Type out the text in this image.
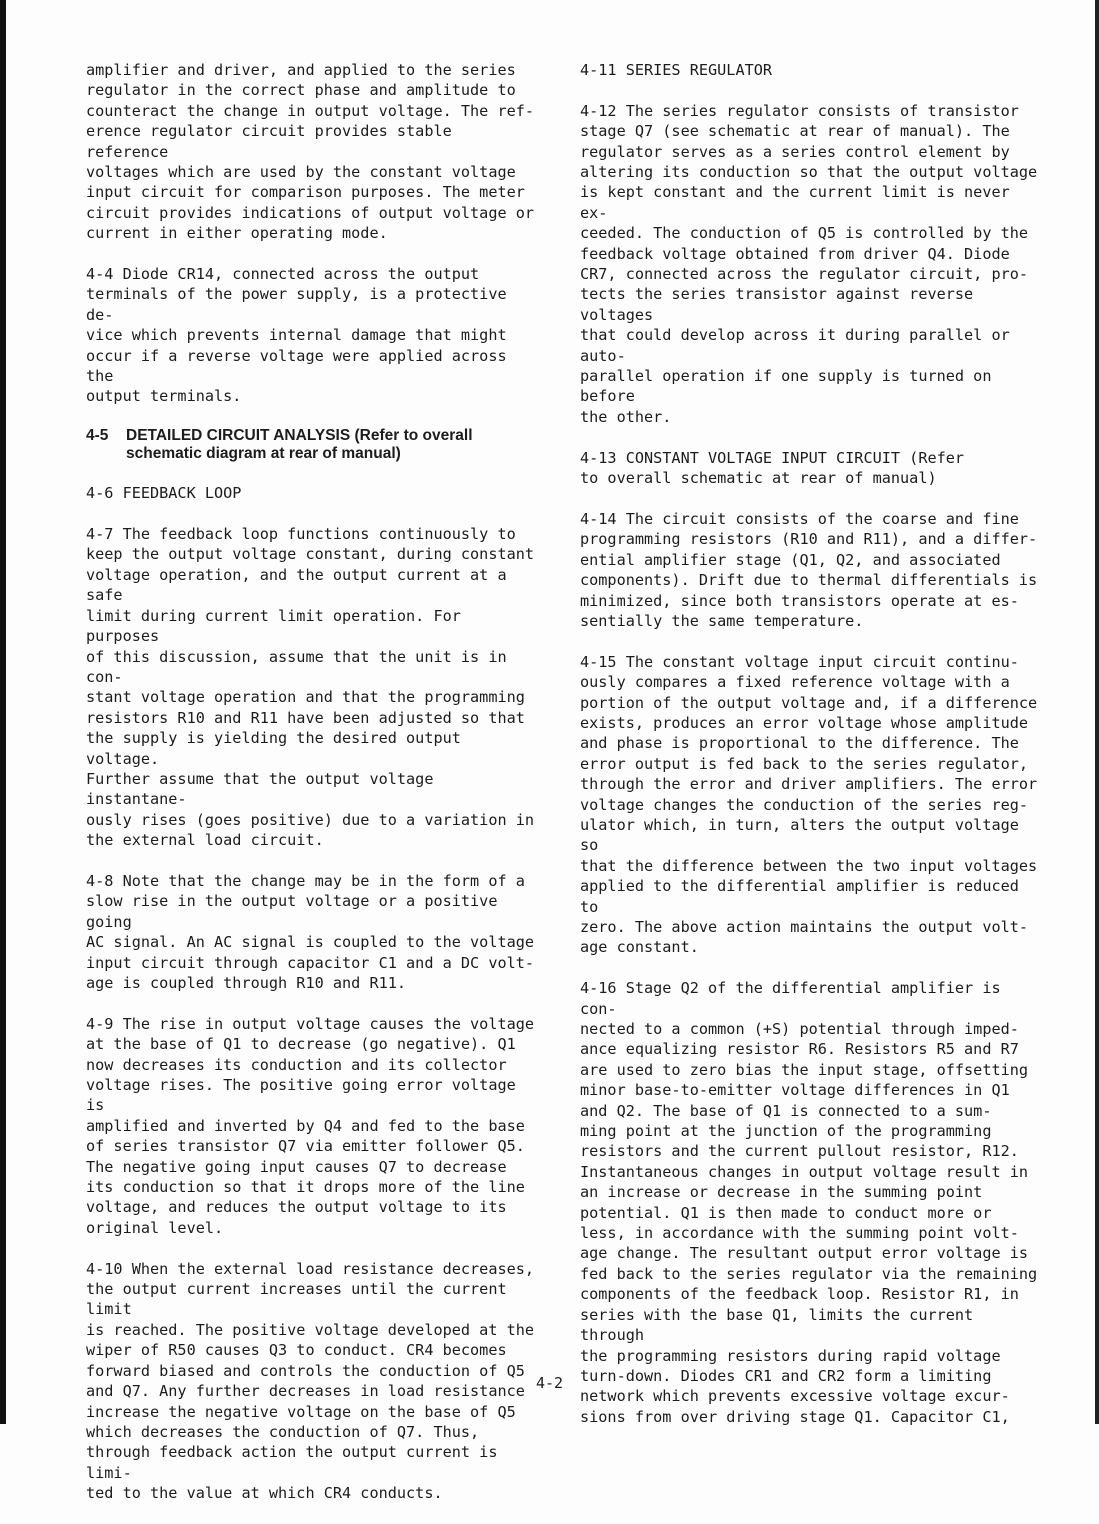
amplifier and driver, and applied to the series
regulator in the correct phase and amplitude to
counteract the change in output voltage. The ref-
erence regulator circuit provides stable reference
voltages which are used by the constant voltage
input circuit for comparison purposes. The meter
circuit provides indications of output voltage or
current in either operating mode.

4-4 Diode CR14, connected across the output
terminals of the power supply, is a protective de-
vice which prevents internal damage that might
occur if a reverse voltage were applied across the
output terminals.

4-5	DETAILED CIRCUIT ANALYSIS (Refer to overall
schematic diagram at rear of manual)

4-6 FEEDBACK LOOP

4-7 The feedback loop functions continuously to
keep the output voltage constant, during constant
voltage operation, and the output current at a safe
limit during current limit operation. For purposes
of this discussion, assume that the unit is in con-
stant voltage operation and that the programming
resistors R10 and R11 have been adjusted so that
the supply is yielding the desired output voltage.
Further assume that the output voltage instantane-
ously rises (goes positive) due to a variation in
the external load circuit.

4-8 Note that the change may be in the form of a
slow rise in the output voltage or a positive going
AC signal. An AC signal is coupled to the voltage
input circuit through capacitor C1 and a DC volt-
age is coupled through R10 and R11.

4-9 The rise in output voltage causes the voltage
at the base of Q1 to decrease (go negative). Q1
now decreases its conduction and its collector
voltage rises. The positive going error voltage is
amplified and inverted by Q4 and fed to the base
of series transistor Q7 via emitter follower Q5.
The negative going input causes Q7 to decrease
its conduction so that it drops more of the line
voltage, and reduces the output voltage to its
original level.

4-10 When the external load resistance decreases,
the output current increases until the current limit
is reached. The positive voltage developed at the
wiper of R50 causes Q3 to conduct. CR4 becomes
forward biased and controls the conduction of Q5
and Q7. Any further decreases in load resistance
increase the negative voltage on the base of Q5
which decreases the conduction of Q7. Thus,
through feedback action the output current is limi-
ted to the value at which CR4 conducts.

4-11 SERIES REGULATOR

4-12 The series regulator consists of transistor
stage Q7 (see schematic at rear of manual). The
regulator serves as a series control element by
altering its conduction so that the output voltage
is kept constant and the current limit is never ex-
ceeded. The conduction of Q5 is controlled by the
feedback voltage obtained from driver Q4. Diode
CR7, connected across the regulator circuit, pro-
tects the series transistor against reverse voltages
that could develop across it during parallel or auto-
parallel operation if one supply is turned on before
the other.

4-13 CONSTANT VOLTAGE INPUT CIRCUIT (Refer
to overall schematic at rear of manual)

4-14 The circuit consists of the coarse and fine
programming resistors (R10 and R11), and a differ-
ential amplifier stage (Q1, Q2, and associated
components). Drift due to thermal differentials is
minimized, since both transistors operate at es-
sentially the same temperature.

4-15 The constant voltage input circuit continu-
ously compares a fixed reference voltage with a
portion of the output voltage and, if a difference
exists, produces an error voltage whose amplitude
and phase is proportional to the difference. The
error output is fed back to the series regulator,
through the error and driver amplifiers. The error
voltage changes the conduction of the series reg-
ulator which, in turn, alters the output voltage so
that the difference between the two input voltages
applied to the differential amplifier is reduced to
zero. The above action maintains the output volt-
age constant.

4-16 Stage Q2 of the differential amplifier is con-
nected to a common (+S) potential through imped-
ance equalizing resistor R6. Resistors R5 and R7
are used to zero bias the input stage, offsetting
minor base-to-emitter voltage differences in Q1
and Q2. The base of Q1 is connected to a sum-
ming point at the junction of the programming
resistors and the current pullout resistor, R12.
Instantaneous changes in output voltage result in
an increase or decrease in the summing point
potential. Q1 is then made to conduct more or
less, in accordance with the summing point volt-
age change. The resultant output error voltage is
fed back to the series regulator via the remaining
components of the feedback loop. Resistor R1, in
series with the base Q1, limits the current through
the programming resistors during rapid voltage
turn-down. Diodes CR1 and CR2 form a limiting
network which prevents excessive voltage excur-
sions from over driving stage Q1. Capacitor C1,

4-2
